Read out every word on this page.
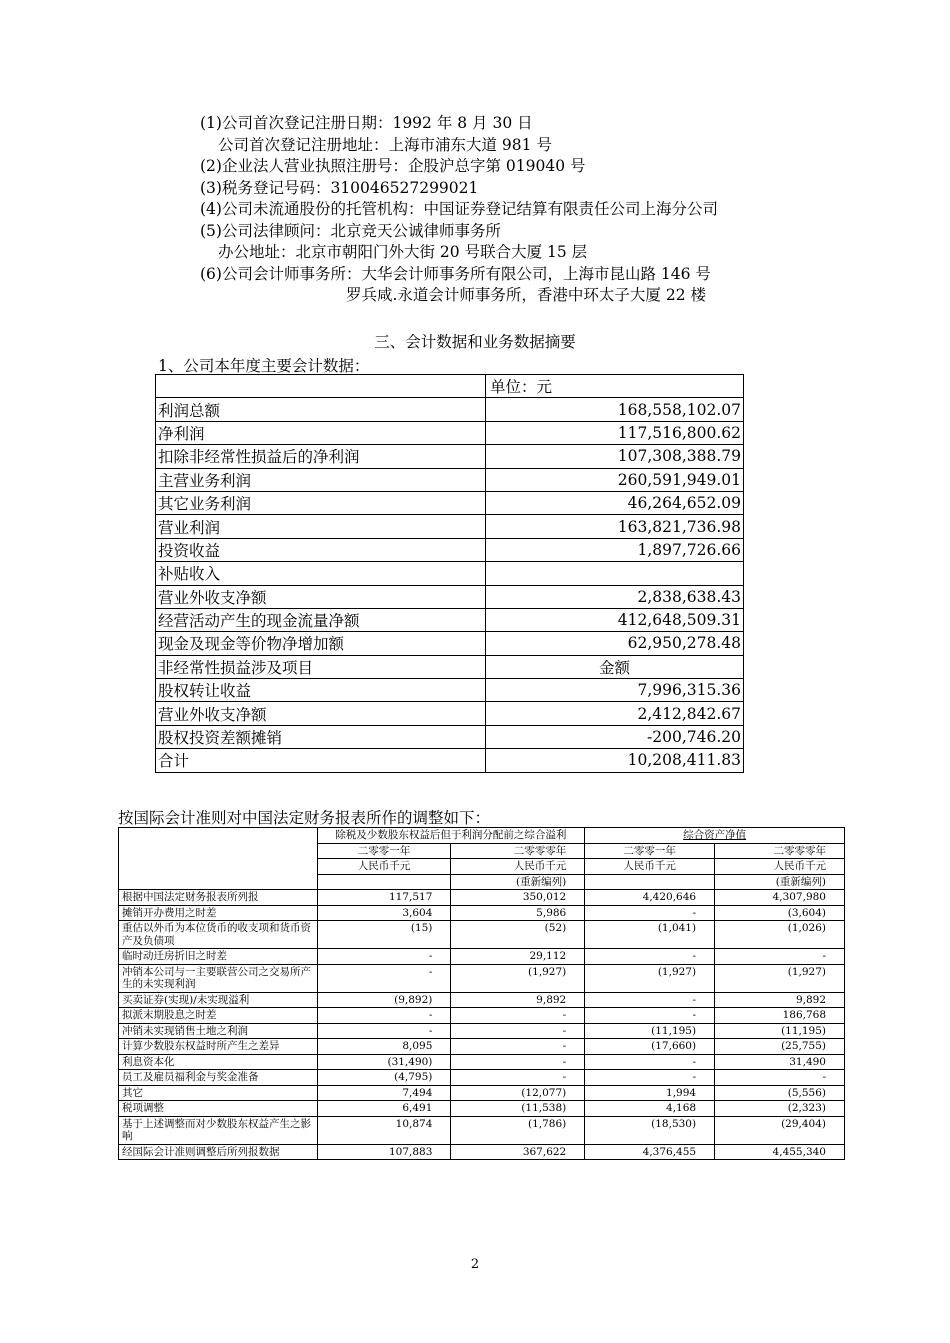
(1)公司首次登记注册日期：1992 年 8 月 30 日
公司首次登记注册地址：上海市浦东大道 981 号
(2)企业法人营业执照注册号：企股沪总字第 019040 号
(3)税务登记号码：310046527299021
(4)公司未流通股份的托管机构：中国证券登记结算有限责任公司上海分公司
(5)公司法律顾问：北京竞天公诚律师事务所
办公地址：北京市朝阳门外大街 20 号联合大厦 15 层
(6)公司会计师事务所：大华会计师事务所有限公司，上海市昆山路 146 号
罗兵咸.永道会计师事务所，香港中环太子大厦 22 楼
三、会计数据和业务数据摘要
1、公司本年度主要会计数据：
	单位：元
利润总额	168,558,102.07
净利润	117,516,800.62
扣除非经常性损益后的净利润	107,308,388.79
主营业务利润	260,591,949.01
其它业务利润	46,264,652.09
营业利润	163,821,736.98
投资收益	1,897,726.66
补贴收入	
营业外收支净额	2,838,638.43
经营活动产生的现金流量净额	412,648,509.31
现金及现金等价物净增加额	62,950,278.48
非经常性损益涉及项目	金额
股权转让收益	7,996,315.36
营业外收支净额	2,412,842.67
股权投资差额摊销	-200,746.20
合计	10,208,411.83
按国际会计准则对中国法定财务报表所作的调整如下：
	除税及少数股东权益后但于利润分配前之综合溢利		综合资产净值	
	二零零一年	二零零零年	二零零一年	二零零零年
	人民币千元	人民币千元	人民币千元	人民币千元
		(重新编列)		(重新编列)
根据中国法定财务报表所列报	117,517	350,012	4,420,646	4,307,980
摊销开办费用之时差	3,604	5,986	-	(3,604)
重估以外币为本位货币的收支项和货币资产及负债项	(15)	(52)	(1,041)	(1,026)
临时动迁房折旧之时差	-	29,112	-	-
冲销本公司与一主要联营公司之交易所产生的未实现利润	-	(1,927)	(1,927)	(1,927)
买卖证券(实现)/未实现溢利	(9,892)	9,892	-	9,892
拟派末期股息之时差	-	-	-	186,768
冲销未实现销售土地之利润	-	-	(11,195)	(11,195)
计算少数股东权益时所产生之差异	8,095	-	(17,660)	(25,755)
利息资本化	(31,490)	-	-	31,490
员工及雇员福利金与奖金准备	(4,795)	-	-	-
其它	7,494	(12,077)	1,994	(5,556)
税项调整	6,491	(11,538)	4,168	(2,323)
基于上述调整而对少数股东权益产生之影响	10,874	(1,786)	(18,530)	(29,404)
经国际会计准则调整后所列报数据	107,883	367,622	4,376,455	4,455,340
2
